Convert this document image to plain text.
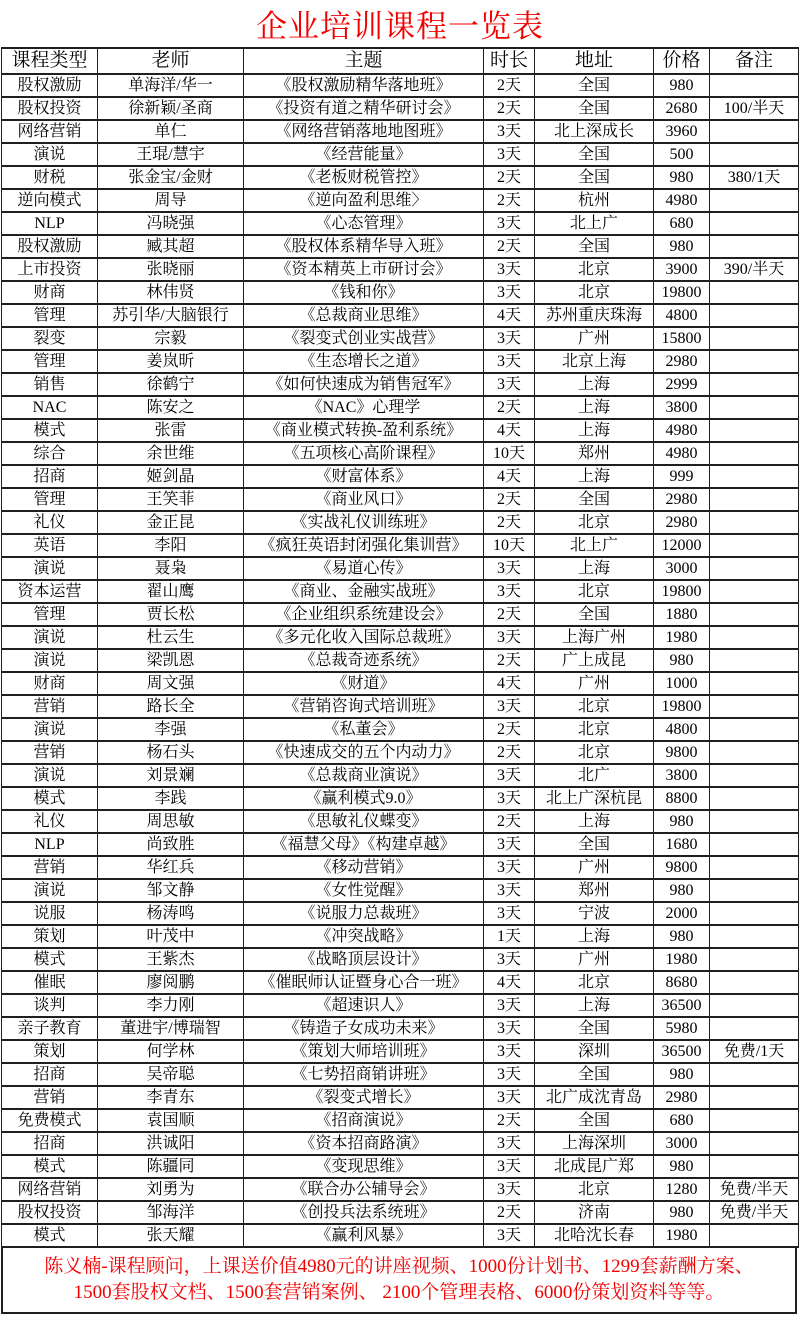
企业培训课程一览表
课程类型	老师	主题	时长	地址	价格	备注
股权激励	单海洋/华一	《股权激励精华落地班》	2天	全国	980	
股权投资	徐新颖/圣商	《投资有道之精华研讨会》	2天	全国	2680	100/半天
网络营销	单仁	《网络营销落地地图班》	3天	北上深成长	3960	
演说	王琨/慧宇	《经营能量》	3天	全国	500	
财税	张金宝/金财	《老板财税管控》	2天	全国	980	380/1天
逆向模式	周导	《逆向盈利思维〉	2天	杭州	4980	
NLP	冯晓强	《心态管理》	3天	北上广	680	
股权激励	臧其超	《股权体系精华导入班》	2天	全国	980	
上市投资	张晓丽	《资本精英上市研讨会》	3天	北京	3900	390/半天
财商	林伟贤	《钱和你》	3天	北京	19800	
管理	苏引华/大脑银行	《总裁商业思维》	4天	苏州重庆珠海	4800	
裂变	宗毅	《裂变式创业实战营》	3天	广州	15800	
管理	姜岚昕	《生态增长之道》	3天	北京上海	2980	
销售	徐鹤宁	《如何快速成为销售冠军》	3天	上海	2999	
NAC	陈安之	《NAC》心理学	2天	上海	3800	
模式	张雷	《商业模式转换-盈利系统》	4天	上海	4980	
综合	余世维	《五项核心高阶课程》	10天	郑州	4980	
招商	姬剑晶	《财富体系》	4天	上海	999	
管理	王笑菲	《商业风口》	2天	全国	2980	
礼仪	金正昆	《实战礼仪训练班》	2天	北京	2980	
英语	李阳	《疯狂英语封闭强化集训营》	10天	北上广	12000	
演说	聂枭	《易道心传》	3天	上海	3000	
资本运营	翟山鹰	《商业、金融实战班》	3天	北京	19800	
管理	贾长松	《企业组织系统建设会》	2天	全国	1880	
演说	杜云生	《多元化收入国际总裁班》	3天	上海广州	1980	
演说	梁凯恩	《总裁奇迹系统》	2天	广上成昆	980	
财商	周文强	《财道》	4天	广州	1000	
营销	路长全	《营销咨询式培训班》	3天	北京	19800	
演说	李强	《私董会》	2天	北京	4800	
营销	杨石头	《快速成交的五个内动力》	2天	北京	9800	
演说	刘景斓	《总裁商业演说》	3天	北广	3800	
模式	李践	《赢利模式9.0》	3天	北上广深杭昆	8800	
礼仪	周思敏	《思敏礼仪蝶变》	2天	上海	980	
NLP	尚致胜	《福慧父母》《构建卓越》	3天	全国	1680	
营销	华红兵	《移动营销》	3天	广州	9800	
演说	邹文静	《女性觉醒》	3天	郑州	980	
说服	杨涛鸣	《说服力总裁班》	3天	宁波	2000	
策划	叶茂中	《冲突战略》	1天	上海	980	
模式	王紫杰	《战略顶层设计》	3天	广州	1980	
催眠	廖阅鹏	《催眠师认证暨身心合一班》	4天	北京	8680	
谈判	李力刚	《超速识人》	3天	上海	36500	
亲子教育	董进宇/博瑞智	《铸造子女成功未来》	3天	全国	5980	
策划	何学林	《策划大师培训班》	3天	深圳	36500	免费/1天
招商	吴帝聪	《七势招商销讲班》	3天	全国	980	
营销	李青东	《裂变式增长》	3天	北广成沈青岛	2980	
免费模式	袁国顺	《招商演说》	2天	全国	680	
招商	洪诚阳	《资本招商路演》	3天	上海深圳	3000	
模式	陈疆同	《变现思维》	3天	北成昆广郑	980	
网络营销	刘勇为	《联合办公辅导会》	3天	北京	1280	免费/半天
股权投资	邹海洋	《创投兵法系统班》	2天	济南	980	免费/半天
模式	张天耀	《赢利风暴》	3天	北哈沈长春	1980	
陈义楠-课程顾问，上课送价值4980元的讲座视频、1000份计划书、1299套薪酬方案、
1500套股权文档、1500套营销案例、 2100个管理表格、6000份策划资料等等。
